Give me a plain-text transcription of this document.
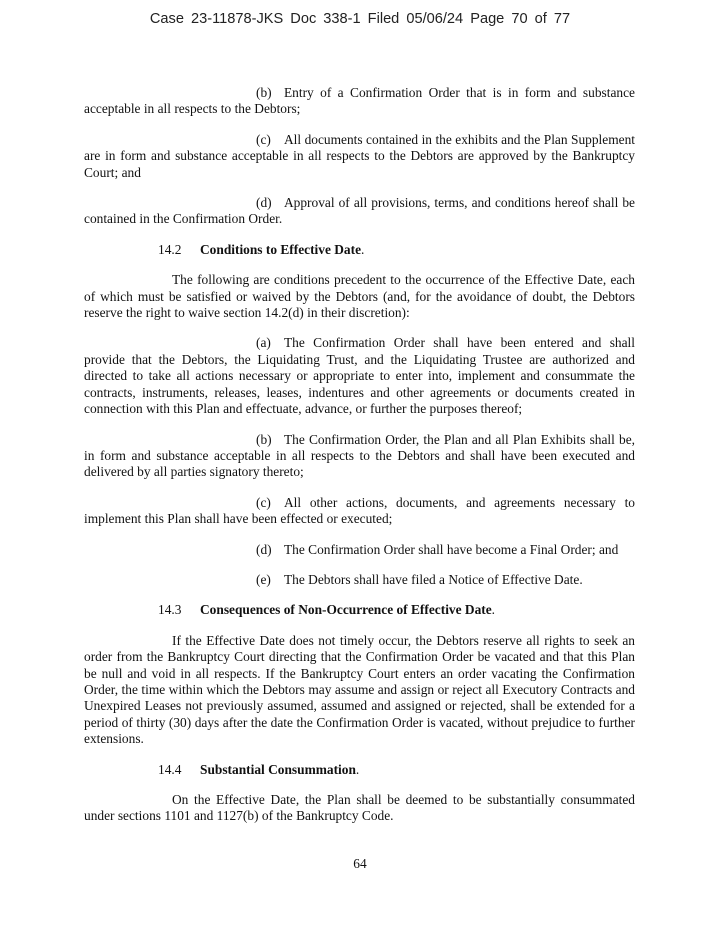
Case 23-11878-JKS Doc 338-1 Filed 05/06/24 Page 70 of 77

(b) Entry of a Confirmation Order that is in form and substance acceptable in all respects to the Debtors;

(c) All documents contained in the exhibits and the Plan Supplement are in form and substance acceptable in all respects to the Debtors are approved by the Bankruptcy Court; and

(d) Approval of all provisions, terms, and conditions hereof shall be contained in the Confirmation Order.

14.2 Conditions to Effective Date.

The following are conditions precedent to the occurrence of the Effective Date, each of which must be satisfied or waived by the Debtors (and, for the avoidance of doubt, the Debtors reserve the right to waive section 14.2(d) in their discretion):

(a) The Confirmation Order shall have been entered and shall provide that the Debtors, the Liquidating Trust, and the Liquidating Trustee are authorized and directed to take all actions necessary or appropriate to enter into, implement and consummate the contracts, instruments, releases, leases, indentures and other agreements or documents created in connection with this Plan and effectuate, advance, or further the purposes thereof;

(b) The Confirmation Order, the Plan and all Plan Exhibits shall be, in form and substance acceptable in all respects to the Debtors and shall have been executed and delivered by all parties signatory thereto;

(c) All other actions, documents, and agreements necessary to implement this Plan shall have been effected or executed;

(d) The Confirmation Order shall have become a Final Order; and

(e) The Debtors shall have filed a Notice of Effective Date.

14.3 Consequences of Non-Occurrence of Effective Date.

If the Effective Date does not timely occur, the Debtors reserve all rights to seek an order from the Bankruptcy Court directing that the Confirmation Order be vacated and that this Plan be null and void in all respects. If the Bankruptcy Court enters an order vacating the Confirmation Order, the time within which the Debtors may assume and assign or reject all Executory Contracts and Unexpired Leases not previously assumed, assumed and assigned or rejected, shall be extended for a period of thirty (30) days after the date the Confirmation Order is vacated, without prejudice to further extensions.

14.4 Substantial Consummation.

On the Effective Date, the Plan shall be deemed to be substantially consummated under sections 1101 and 1127(b) of the Bankruptcy Code.

64
